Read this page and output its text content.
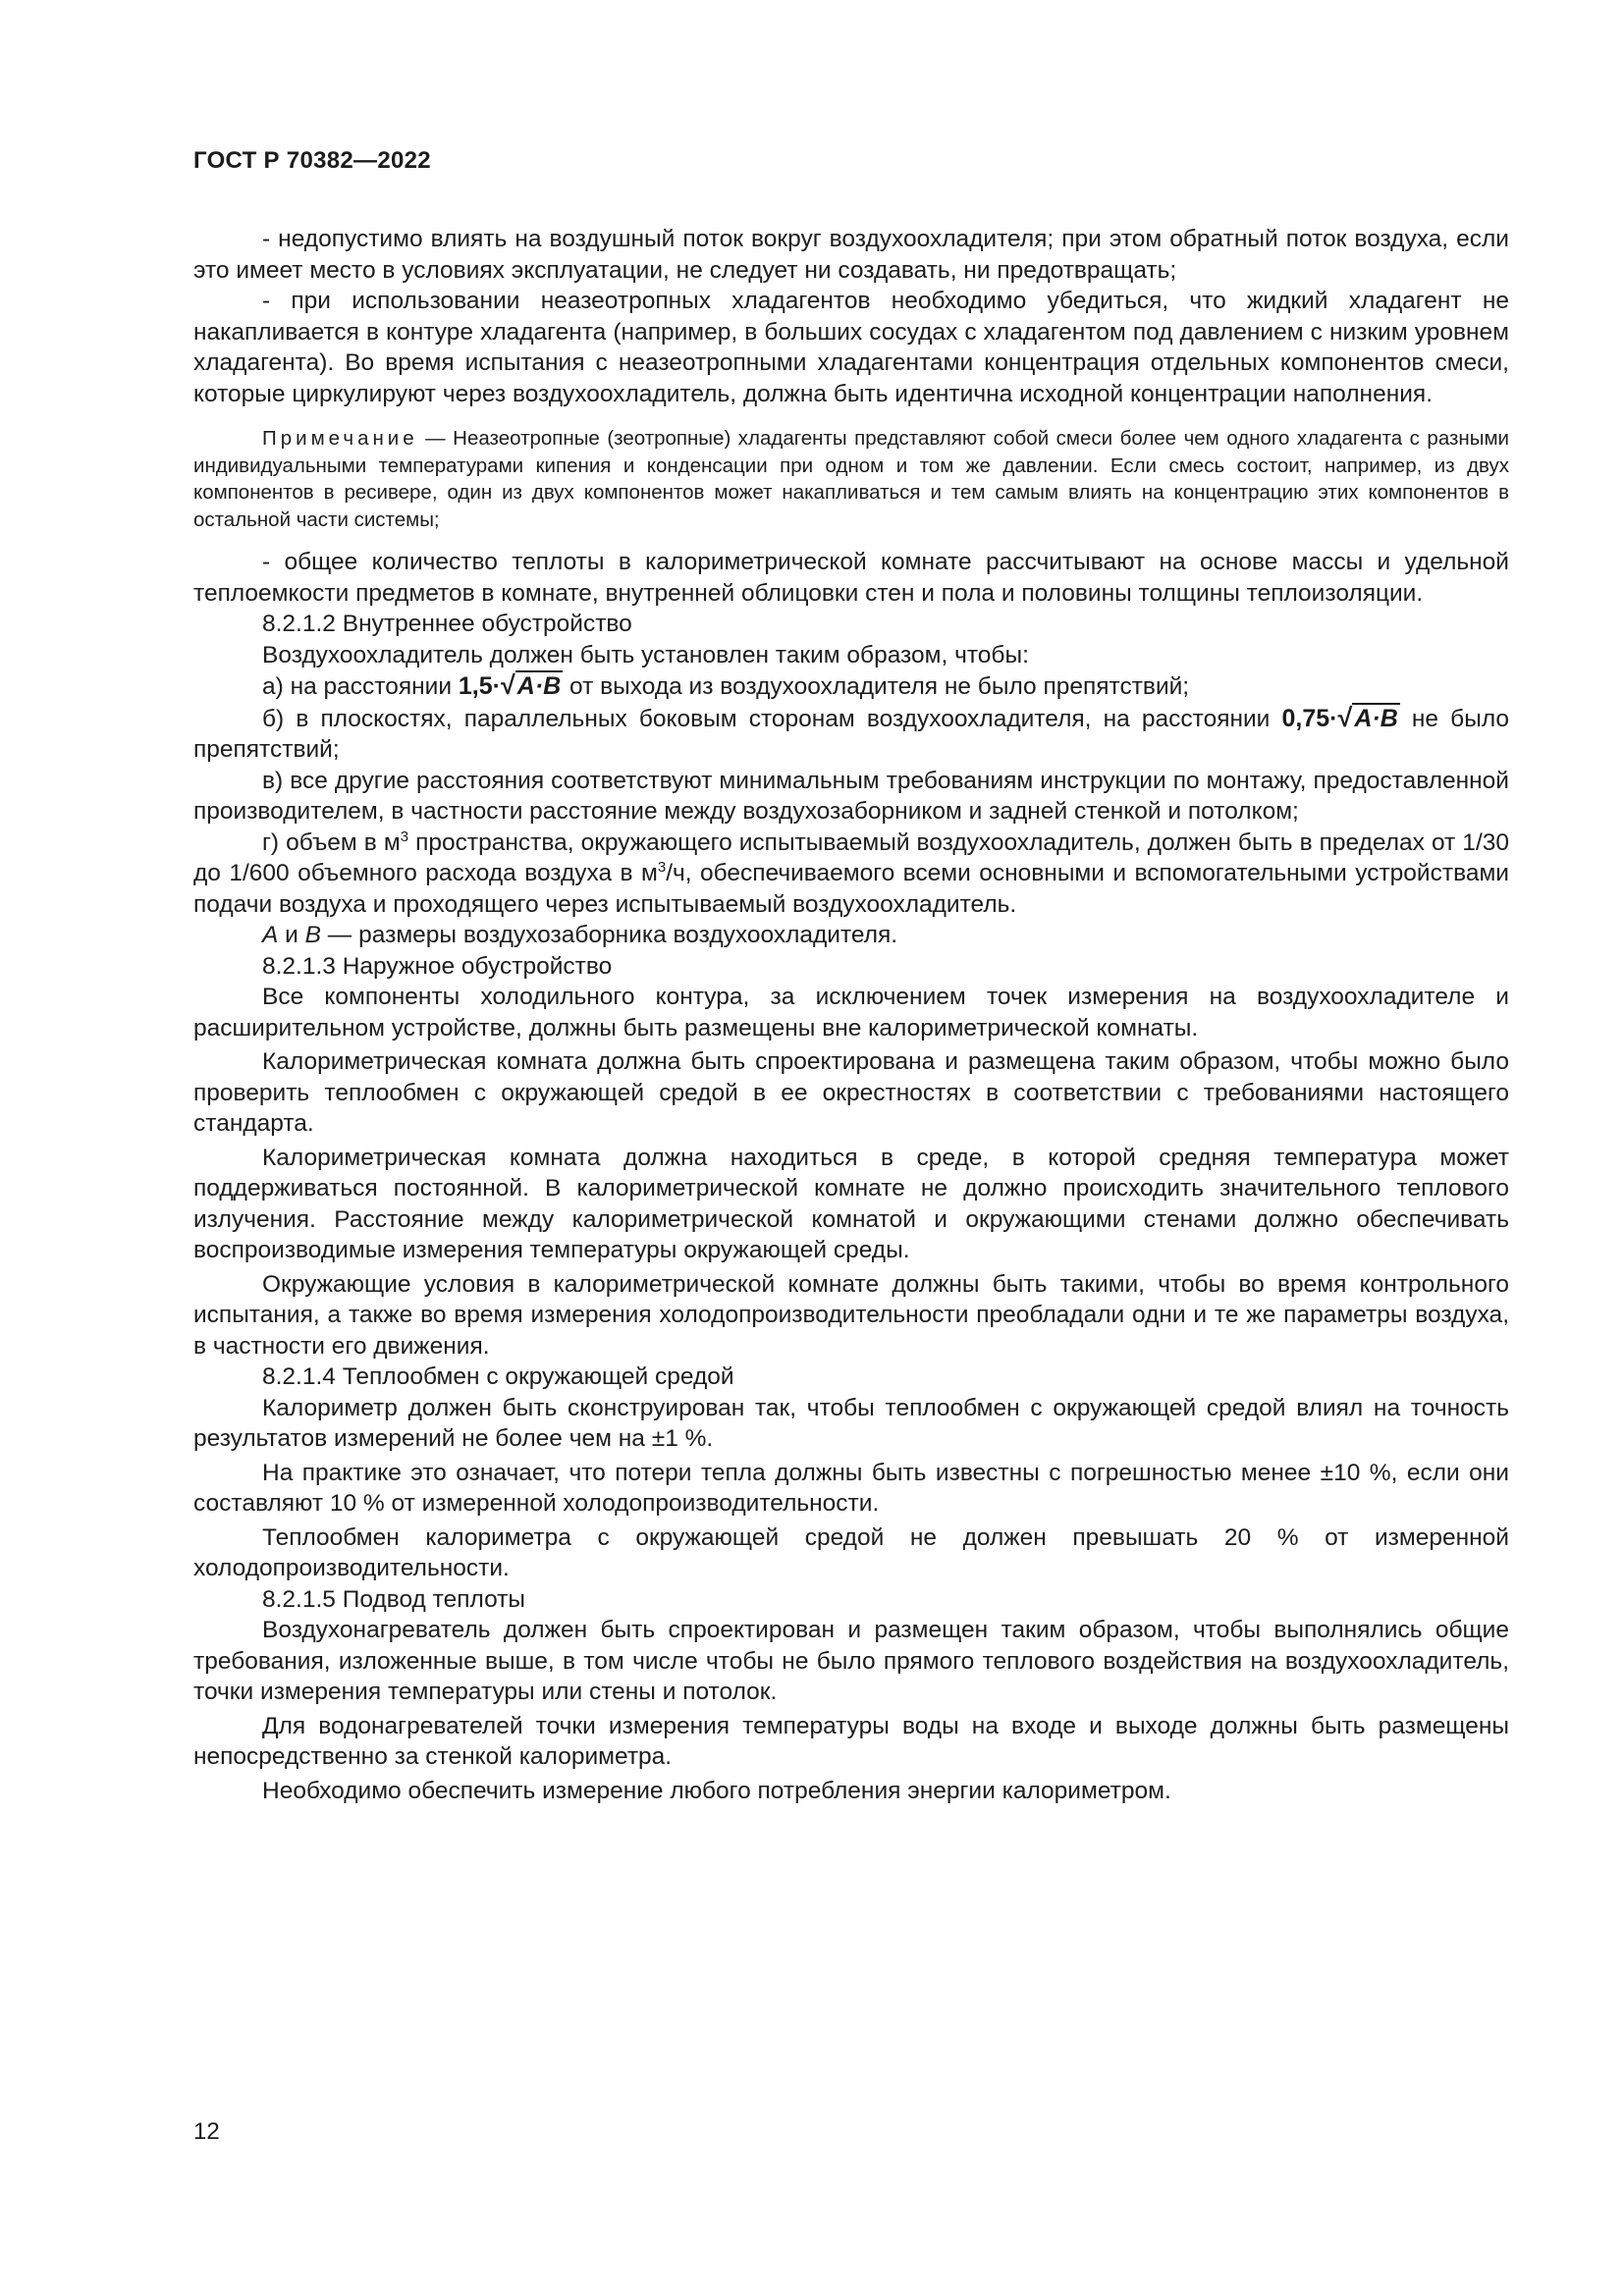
ГОСТ Р 70382—2022

- недопустимо влиять на воздушный поток вокруг воздухоохладителя; при этом обратный поток воздуха, если это имеет место в условиях эксплуатации, не следует ни создавать, ни предотвращать;

- при использовании неазеотропных хладагентов необходимо убедиться, что жидкий хладагент не накапливается в контуре хладагента (например, в больших сосудах с хладагентом под давлением с низким уровнем хладагента). Во время испытания с неазеотропными хладагентами концентрация отдельных компонентов смеси, которые циркулируют через воздухоохладитель, должна быть идентична исходной концентрации наполнения.

Примечание — Неазеотропные (зеотропные) хладагенты представляют собой смеси более чем одного хладагента с разными индивидуальными температурами кипения и конденсации при одном и том же давлении. Если смесь состоит, например, из двух компонентов в ресивере, один из двух компонентов может накапливаться и тем самым влиять на концентрацию этих компонентов в остальной части системы;

- общее количество теплоты в калориметрической комнате рассчитывают на основе массы и удельной теплоемкости предметов в комнате, внутренней облицовки стен и пола и половины толщины теплоизоляции.

8.2.1.2 Внутреннее обустройство

Воздухоохладитель должен быть установлен таким образом, чтобы:

а) на расстоянии 1,5·√A·B от выхода из воздухоохладителя не было препятствий;

б) в плоскостях, параллельных боковым сторонам воздухоохладителя, на расстоянии 0,75·√A·B не было препятствий;

в) все другие расстояния соответствуют минимальным требованиям инструкции по монтажу, предоставленной производителем, в частности расстояние между воздухозаборником и задней стенкой и потолком;

г) объем в $м^3$ пространства, окружающего испытываемый воздухоохладитель, должен быть в пределах от 1/30 до 1/600 объемного расхода воздуха в $м^3/ч$, обеспечиваемого всеми основными и вспомогательными устройствами подачи воздуха и проходящего через испытываемый воздухоохладитель.

A и B — размеры воздухозаборника воздухоохладителя.

8.2.1.3 Наружное обустройство

Все компоненты холодильного контура, за исключением точек измерения на воздухоохладителе и расширительном устройстве, должны быть размещены вне калориметрической комнаты.

Калориметрическая комната должна быть спроектирована и размещена таким образом, чтобы можно было проверить теплообмен с окружающей средой в ее окрестностях в соответствии с требованиями настоящего стандарта.

Калориметрическая комната должна находиться в среде, в которой средняя температура может поддерживаться постоянной. В калориметрической комнате не должно происходить значительного теплового излучения. Расстояние между калориметрической комнатой и окружающими стенами должно обеспечивать воспроизводимые измерения температуры окружающей среды.

Окружающие условия в калориметрической комнате должны быть такими, чтобы во время контрольного испытания, а также во время измерения холодопроизводительности преобладали одни и те же параметры воздуха, в частности его движения.

8.2.1.4 Теплообмен с окружающей средой

Калориметр должен быть сконструирован так, чтобы теплообмен с окружающей средой влиял на точность результатов измерений не более чем на ±1 %.

На практике это означает, что потери тепла должны быть известны с погрешностью менее ±10 %, если они составляют 10 % от измеренной холодопроизводительности.

Теплообмен калориметра с окружающей средой не должен превышать 20 % от измеренной холодопроизводительности.

8.2.1.5 Подвод теплоты

Воздухонагреватель должен быть спроектирован и размещен таким образом, чтобы выполнялись общие требования, изложенные выше, в том числе чтобы не было прямого теплового воздействия на воздухоохладитель, точки измерения температуры или стены и потолок.

Для водонагревателей точки измерения температуры воды на входе и выходе должны быть размещены непосредственно за стенкой калориметра.

Необходимо обеспечить измерение любого потребления энергии калориметром.

12
